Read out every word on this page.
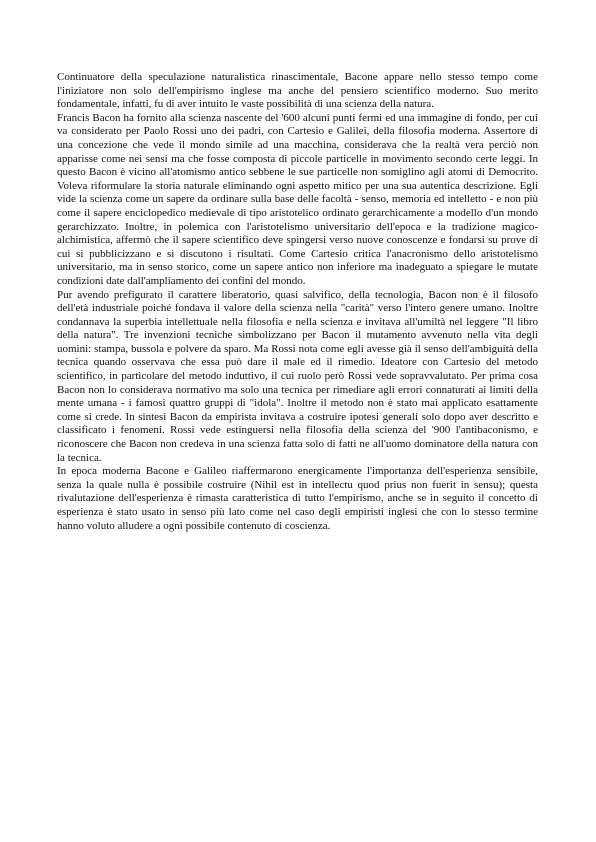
Continuatore della speculazione naturalistica rinascimentale, Bacone appare nello stesso tempo come l'iniziatore non solo dell'empirismo inglese ma anche del pensiero scientifico moderno. Suo merito fondamentale, infatti, fu di aver intuito le vaste possibilità di una scienza della natura.

Francis Bacon ha fornito alla scienza nascente del '600 alcuni punti fermi ed una immagine di fondo, per cui va considerato per Paolo Rossi uno dei padri, con Cartesio e Galilei, della filosofia moderna. Assertore di una concezione che vede il mondo simile ad una macchina, considerava che la realtà vera perciò non apparisse come nei sensi ma che fosse composta di piccole particelle in movimento secondo certe leggi. In questo Bacon è vicino all'atomismo antico sebbene le sue particelle non somiglino agli atomi di Democrito. Voleva riformulare la storia naturale eliminando ogni aspetto mitico per una sua autentica descrizione. Egli vide la scienza come un sapere da ordinare sulla base delle facoltà - senso, memoria ed intelletto - e non più come il sapere enciclopedico medievale di tipo aristotelico ordinato gerarchicamente a modello d'un mondo gerarchizzato. Inoltre, in polemica con l'aristotelismo universitario dell'epoca e la tradizione magico-alchimistica, affermò che il sapere scientifico deve spingersi verso nuove conoscenze e fondarsi su prove di cui si pubblicizzano e si discutono i risultati. Come Cartesio critica l'anacronismo dello aristotelismo universitario, ma in senso storico, come un sapere antico non inferiore ma inadeguato a spiegare le mutate condizioni date dall'ampliamento dei confini del mondo.

Pur avendo prefigurato il carattere liberatorio, quasi salvifico, della tecnologia, Bacon non è il filosofo dell'età industriale poiché fondava il valore della scienza nella "carità" verso l'intero genere umano. Inoltre condannava la superbia intellettuale nella filosofia e nella scienza e invitava all'umiltà nel leggere "Il libro della natura". Tre invenzioni tecniche simbolizzano per Bacon il mutamento avvenuto nella vita degli uomini: stampa, bussola e polvere da sparo. Ma Rossi nota come egli avesse già il senso dell'ambiguità della tecnica quando osservava che essa può dare il male ed il rimedio. Ideatore con Cartesio del metodo scientifico, in particolare del metodo induttivo, il cui ruolo però Rossi vede sopravvalutato. Per prima cosa Bacon non lo considerava normativo ma solo una tecnica per rimediare agli errori connaturati ai limiti della mente umana - i famosi quattro gruppi di "idola". Inoltre il metodo non è stato mai applicato esattamente come si crede. In sintesi Bacon da empirista invitava a costruire ipotesi generali solo dopo aver descritto e classificato i fenomeni. Rossi vede estinguersi nella filosofia della scienza del '900 l'antibaconismo, e riconoscere che Bacon non credeva in una scienza fatta solo di fatti ne all'uomo dominatore della natura con la tecnica.

In epoca moderna Bacone e Galileo riaffermarono energicamente l'importanza dell'esperienza sensibile, senza la quale nulla è possibile costruire (Nihil est in intellectu quod prius non fuerit in sensu); questa rivalutazione dell'esperienza è rimasta caratteristica di tutto l'empirismo, anche se in seguito il concetto di esperienza è stato usato in senso più lato come nel caso degli empiristi inglesi che con lo stesso termine hanno voluto alludere a ogni possibile contenuto di coscienza.
